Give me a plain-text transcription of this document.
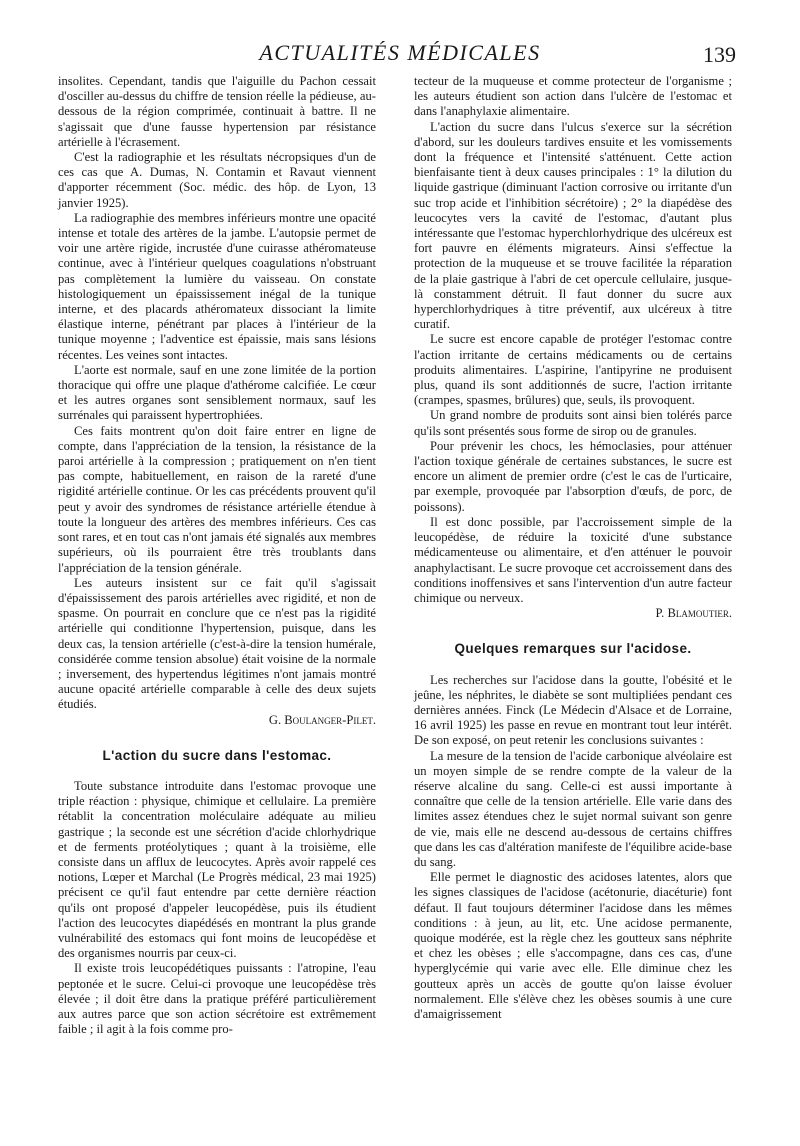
ACTUALITÉS MÉDICALES	139

insolites. Cependant, tandis que l'aiguille du Pachon cessait d'osciller au-dessus du chiffre de tension réelle la pédieuse, au-dessous de la région comprimée, continuait à battre. Il ne s'agissait que d'une fausse hypertension par résistance artérielle à l'écrasement.

C'est la radiographie et les résultats nécropsiques d'un de ces cas que A. Dumas, N. Contamin et Ravaut viennent d'apporter récemment (Soc. médic. des hôp. de Lyon, 13 janvier 1925).

La radiographie des membres inférieurs montre une opacité intense et totale des artères de la jambe. L'autopsie permet de voir une artère rigide, incrustée d'une cuirasse athéromateuse continue, avec à l'intérieur quelques coagulations n'obstruant pas complètement la lumière du vaisseau. On constate histologiquement un épaississement inégal de la tunique interne, et des placards athéromateux dissociant la limite élastique interne, pénétrant par places à l'intérieur de la tunique moyenne ; l'adventice est épaissie, mais sans lésions récentes. Les veines sont intactes.

L'aorte est normale, sauf en une zone limitée de la portion thoracique qui offre une plaque d'athérome calcifiée. Le cœur et les autres organes sont sensiblement normaux, sauf les surrénales qui paraissent hypertrophiées.

Ces faits montrent qu'on doit faire entrer en ligne de compte, dans l'appréciation de la tension, la résistance de la paroi artérielle à la compression ; pratiquement on n'en tient pas compte, habituellement, en raison de la rareté d'une rigidité artérielle continue. Or les cas précédents prouvent qu'il peut y avoir des syndromes de résistance artérielle étendue à toute la longueur des artères des membres inférieurs. Ces cas sont rares, et en tout cas n'ont jamais été signalés aux membres supérieurs, où ils pourraient être très troublants dans l'appréciation de la tension générale.

Les auteurs insistent sur ce fait qu'il s'agissait d'épaississement des parois artérielles avec rigidité, et non de spasme. On pourrait en conclure que ce n'est pas la rigidité artérielle qui conditionne l'hypertension, puisque, dans les deux cas, la tension artérielle (c'est-à-dire la tension humérale, considérée comme tension absolue) était voisine de la normale ; inversement, des hypertendus légitimes n'ont jamais montré aucune opacité artérielle comparable à celle des deux sujets étudiés.

G. Boulanger-Pilet.

L'action du sucre dans l'estomac.

Toute substance introduite dans l'estomac provoque une triple réaction : physique, chimique et cellulaire. La première rétablit la concentration moléculaire adéquate au milieu gastrique ; la seconde est une sécrétion d'acide chlorhydrique et de ferments protéolytiques ; quant à la troisième, elle consiste dans un afflux de leucocytes. Après avoir rappelé ces notions, Lœper et Marchal (Le Progrès médical, 23 mai 1925) précisent ce qu'il faut entendre par cette dernière réaction qu'ils ont proposé d'appeler leucopédèse, puis ils étudient l'action des leucocytes diapédésés en montrant la plus grande vulnérabilité des estomacs qui font moins de leucopédèse et des organismes nourris par ceux-ci.

Il existe trois leucopédétiques puissants : l'atropine, l'eau peptonée et le sucre. Celui-ci provoque une leucopédèse très élevée ; il doit être dans la pratique préféré particulièrement aux autres parce que son action sécrétoire est extrêmement faible ; il agit à la fois comme pro-

tecteur de la muqueuse et comme protecteur de l'organisme ; les auteurs étudient son action dans l'ulcère de l'estomac et dans l'anaphylaxie alimentaire.

L'action du sucre dans l'ulcus s'exerce sur la sécrétion d'abord, sur les douleurs tardives ensuite et les vomissements dont la fréquence et l'intensité s'atténuent. Cette action bienfaisante tient à deux causes principales : 1° la dilution du liquide gastrique (diminuant l'action corrosive ou irritante d'un suc trop acide et l'inhibition sécrétoire) ; 2° la diapédèse des leucocytes vers la cavité de l'estomac, d'autant plus intéressante que l'estomac hyperchlorhydrique des ulcéreux est fort pauvre en éléments migrateurs. Ainsi s'effectue la protection de la muqueuse et se trouve facilitée la réparation de la plaie gastrique à l'abri de cet opercule cellulaire, jusque-là constamment détruit. Il faut donner du sucre aux hyperchlorhydriques à titre préventif, aux ulcéreux à titre curatif.

Le sucre est encore capable de protéger l'estomac contre l'action irritante de certains médicaments ou de certains produits alimentaires. L'aspirine, l'antipyrine ne produisent plus, quand ils sont additionnés de sucre, l'action irritante (crampes, spasmes, brûlures) que, seuls, ils provoquent.

Un grand nombre de produits sont ainsi bien tolérés parce qu'ils sont présentés sous forme de sirop ou de granules.

Pour prévenir les chocs, les hémoclasies, pour atténuer l'action toxique générale de certaines substances, le sucre est encore un aliment de premier ordre (c'est le cas de l'urticaire, par exemple, provoquée par l'absorption d'œufs, de porc, de poissons).

Il est donc possible, par l'accroissement simple de la leucopédèse, de réduire la toxicité d'une substance médicamenteuse ou alimentaire, et d'en atténuer le pouvoir anaphylactisant. Le sucre provoque cet accroissement dans des conditions inoffensives et sans l'intervention d'un autre facteur chimique ou nerveux.

P. Blamoutier.

Quelques remarques sur l'acidose.

Les recherches sur l'acidose dans la goutte, l'obésité et le jeûne, les néphrites, le diabète se sont multipliées pendant ces dernières années. Finck (Le Médecin d'Alsace et de Lorraine, 16 avril 1925) les passe en revue en montrant tout leur intérêt. De son exposé, on peut retenir les conclusions suivantes :

La mesure de la tension de l'acide carbonique alvéolaire est un moyen simple de se rendre compte de la valeur de la réserve alcaline du sang. Celle-ci est aussi importante à connaître que celle de la tension artérielle. Elle varie dans des limites assez étendues chez le sujet normal suivant son genre de vie, mais elle ne descend au-dessous de certains chiffres que dans les cas d'altération manifeste de l'équilibre acide-base du sang.

Elle permet le diagnostic des acidoses latentes, alors que les signes classiques de l'acidose (acétonurie, diacéturie) font défaut. Il faut toujours déterminer l'acidose dans les mêmes conditions : à jeun, au lit, etc. Une acidose permanente, quoique modérée, est la règle chez les goutteux sans néphrite et chez les obèses ; elle s'accompagne, dans ces cas, d'une hyperglycémie qui varie avec elle. Elle diminue chez les goutteux après un accès de goutte qu'on laisse évoluer normalement. Elle s'élève chez les obèses soumis à une cure d'amaigrissement
